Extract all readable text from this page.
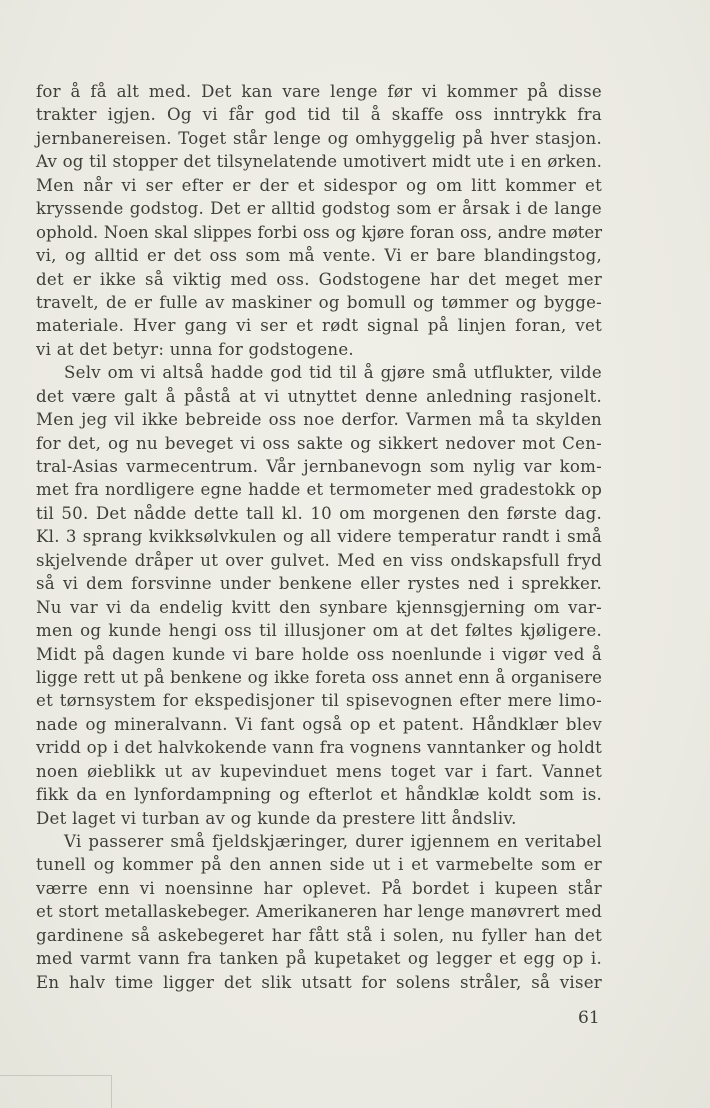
for å få alt med. Det kan vare lenge før vi kommer på disse
trakter igjen. Og vi får god tid til å skaffe oss inntrykk fra
jernbanereisen. Toget står lenge og omhyggelig på hver stasjon.
Av og til stopper det tilsynelatende umotivert midt ute i en ørken.
Men når vi ser efter er der et sidespor og om litt kommer et
kryssende godstog. Det er alltid godstog som er årsak i de lange
ophold. Noen skal slippes forbi oss og kjøre foran oss, andre møter
vi, og alltid er det oss som må vente. Vi er bare blandingstog,
det er ikke så viktig med oss. Godstogene har det meget mer
travelt, de er fulle av maskiner og bomull og tømmer og bygge-
materiale. Hver gang vi ser et rødt signal på linjen foran, vet
vi at det betyr: unna for godstogene.
Selv om vi altså hadde god tid til å gjøre små utflukter, vilde
det være galt å påstå at vi utnyttet denne anledning rasjonelt.
Men jeg vil ikke bebreide oss noe derfor. Varmen må ta skylden
for det, og nu beveget vi oss sakte og sikkert nedover mot Cen-
tral-Asias varmecentrum. Vår jernbanevogn som nylig var kom-
met fra nordligere egne hadde et termometer med gradestokk op
til 50. Det nådde dette tall kl. 10 om morgenen den første dag.
Kl. 3 sprang kvikksølvkulen og all videre temperatur randt i små
skjelvende dråper ut over gulvet. Med en viss ondskapsfull fryd
så vi dem forsvinne under benkene eller rystes ned i sprekker.
Nu var vi da endelig kvitt den synbare kjennsgjerning om var-
men og kunde hengi oss til illusjoner om at det føltes kjøligere.
Midt på dagen kunde vi bare holde oss noenlunde i vigør ved å
ligge rett ut på benkene og ikke foreta oss annet enn å organisere
et tørnsystem for ekspedisjoner til spisevognen efter mere limo-
nade og mineralvann. Vi fant også op et patent. Håndklær blev
vridd op i det halvkokende vann fra vognens vanntanker og holdt
noen øieblikk ut av kupevinduet mens toget var i fart. Vannet
fikk da en lynfordampning og efterlot et håndklæ koldt som is.
Det laget vi turban av og kunde da prestere litt åndsliv.
Vi passerer små fjeldskjæringer, durer igjennem en veritabel
tunell og kommer på den annen side ut i et varmebelte som er
værre enn vi noensinne har oplevet. På bordet i kupeen står
et stort metallaskebeger. Amerikaneren har lenge manøvrert med
gardinene så askebegeret har fått stå i solen, nu fyller han det
med varmt vann fra tanken på kupetaket og legger et egg op i.
En halv time ligger det slik utsatt for solens stråler, så viser
61
